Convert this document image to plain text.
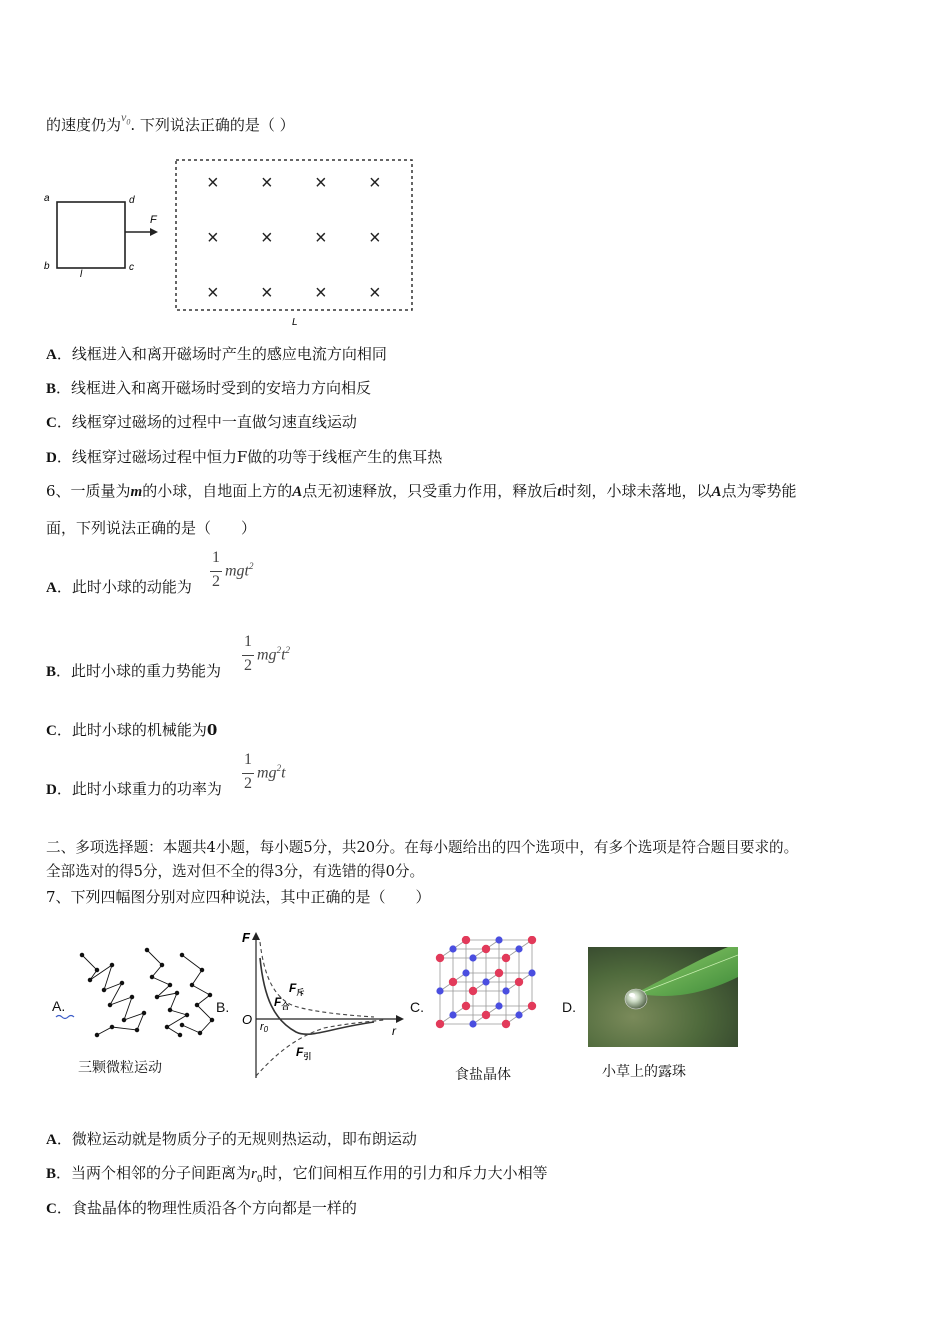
的速度仍为$^{v_0}$. 下列说法正确的是（ ）
a	d
b	c
l
F
× × × ×
× × × ×
× × × ×
L
A．线框进入和离开磁场时产生的感应电流方向相同
B．线框进入和离开磁场时受到的安培力方向相反
C．线框穿过磁场的过程中一直做匀速直线运动
D．线框穿过磁场过程中恒力F做的功等于线框产生的焦耳热
6、一质量为m的小球，自地面上方的A点无初速释放，只受重力作用，释放后t时刻，小球未落地，以A点为零势能
面，下列说法正确的是（　　）
A．此时小球的动能为
1
2
mgt$^2$
B．此时小球的重力势能为
1
2
$mg^2t^2$
C．此时小球的机械能为0
D．此时小球重力的功率为
1
2
$mg^2t$
二、多项选择题：本题共4小题，每小题5分，共20分。在每小题给出的四个选项中，有多个选项是符合题目要求的。
全部选对的得5分，选对但不全的得3分，有选错的得0分。
7、下列四幅图分别对应四种说法，其中正确的是（　　）
A.
三颗微粒运动
B.
F
r
O r0
$F_斥$
$F_合$
$F_引$
C.
食盐晶体
D.
小草上的露珠
A．微粒运动就是物质分子的无规则热运动，即布朗运动
B．当两个相邻的分子间距离为$r_0$时，它们间相互作用的引力和斥力大小相等
C．食盐晶体的物理性质沿各个方向都是一样的
